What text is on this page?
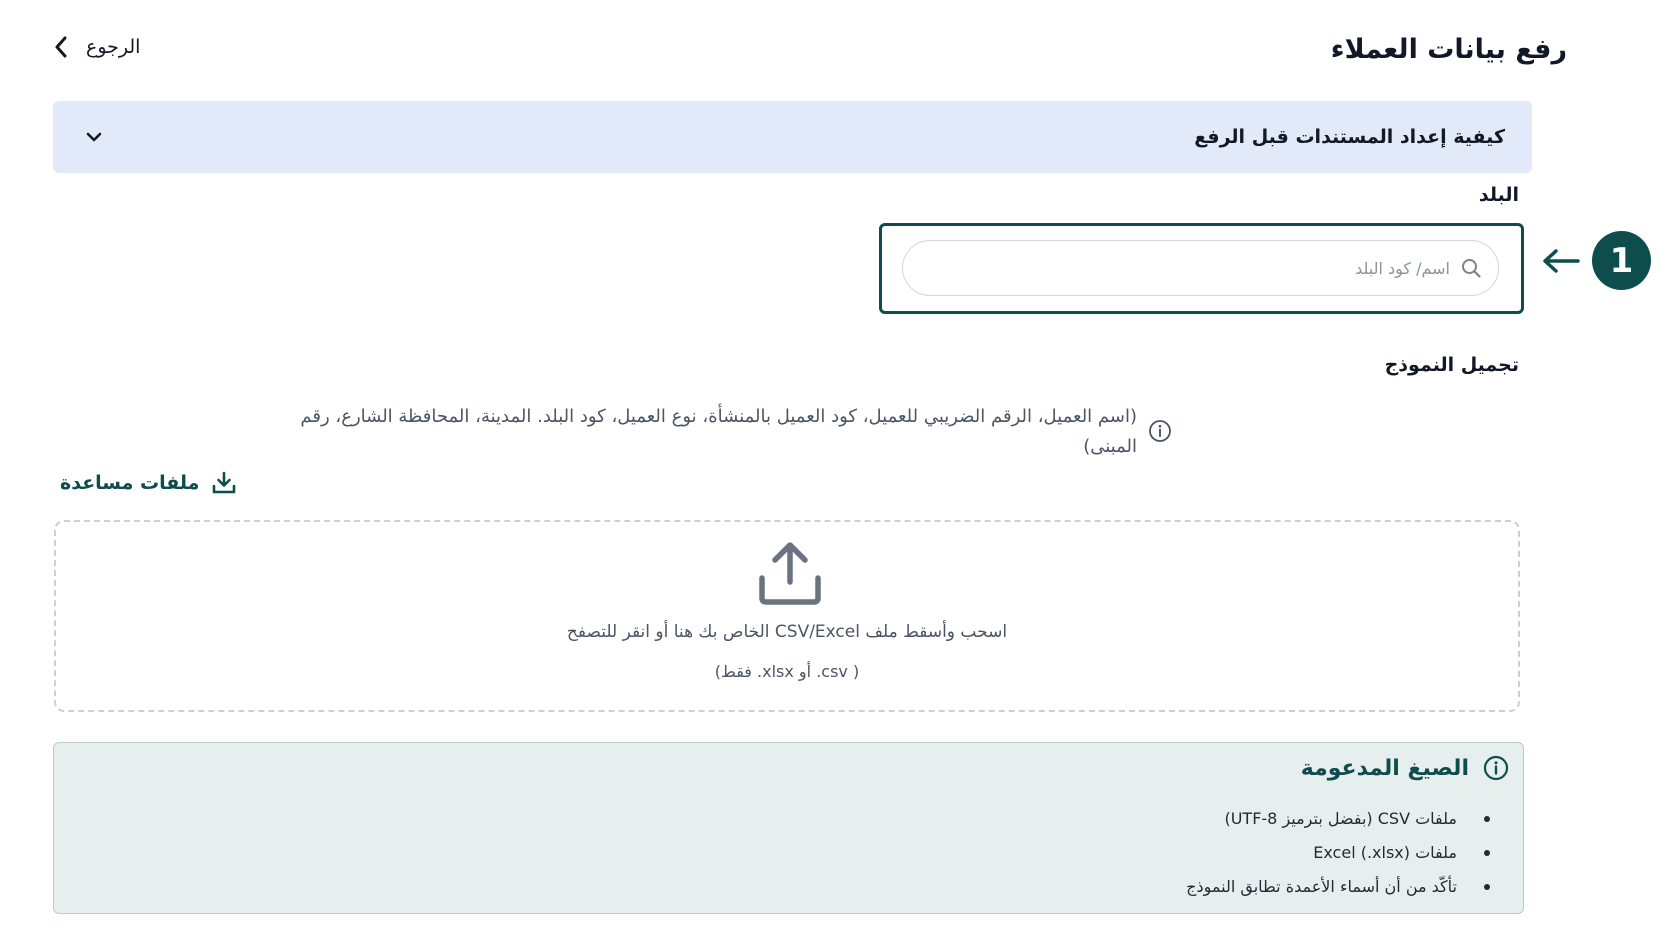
رفع بيانات العملاء
الرجوع
كيفية إعداد المستندات قبل الرفع
البلد
اسم/ كود البلد
1
تجميل النموذج
(اسم العميل، الرقم الضريبي للعميل، كود العميل بالمنشأة، نوع العميل، كود البلد. المدينة، المحافظة الشارع، رقم المبنى)
ملفات مساعدة
اسحب وأسقط ملف CSV/Excel الخاص بك هنا أو انقر للتصفح
( csv. أو xlsx. فقط)
الصيغ المدعومة
ملفات CSV (بفضل بترميز UTF-8)
ملفات Excel (.xlsx)
تأكّد من أن أسماء الأعمدة تطابق النموذج
